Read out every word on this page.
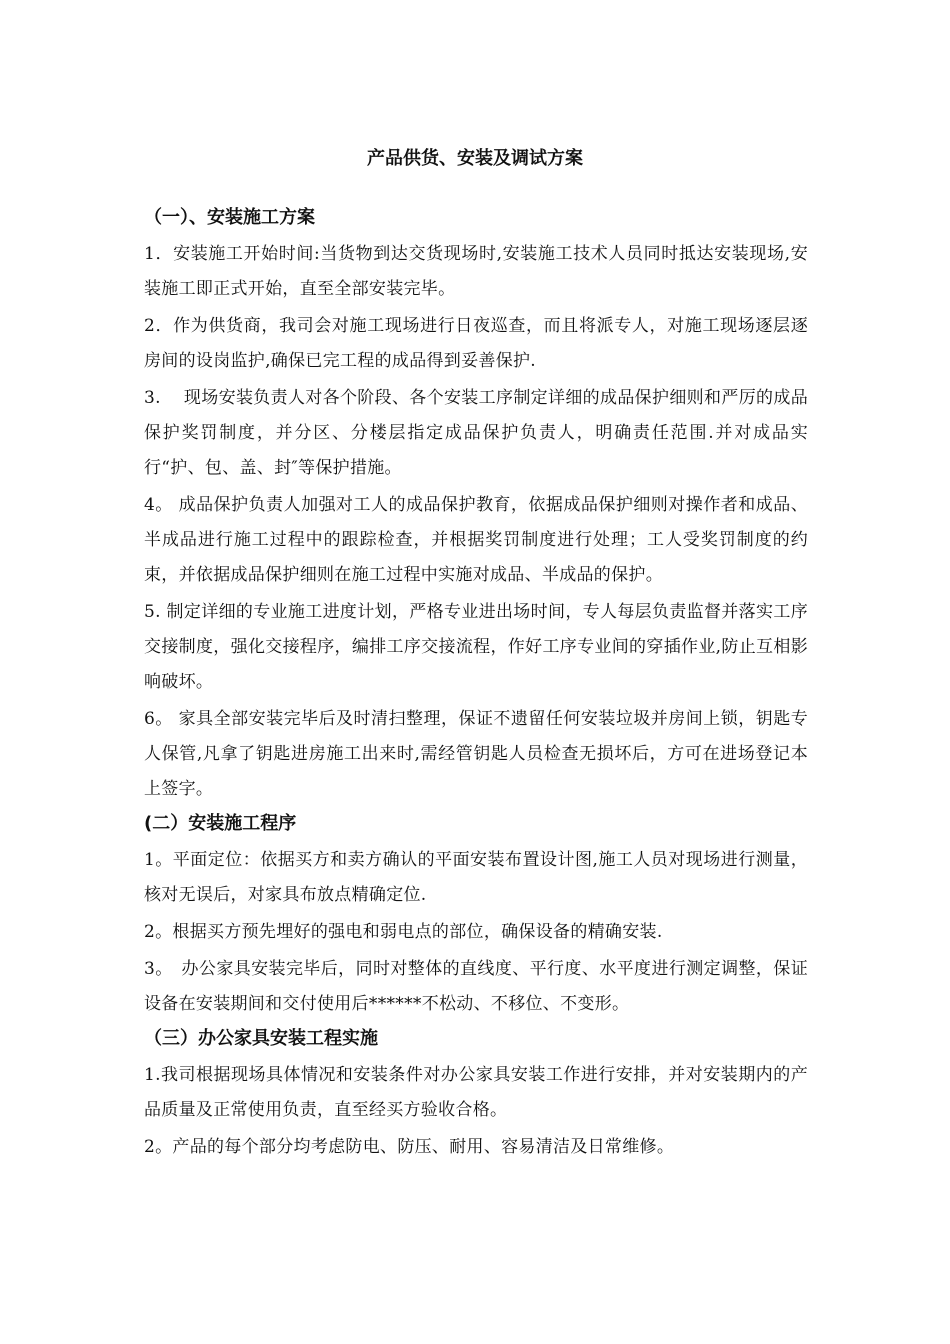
产品供货、安装及调试方案
（一）、安装施工方案

1．安装施工开始时间:当货物到达交货现场时,安装施工技术人员同时抵达安装现场,安装施工即正式开始，直至全部安装完毕。

2．作为供货商，我司会对施工现场进行日夜巡查，而且将派专人，对施工现场逐层逐房间的设岗监护,确保已完工程的成品得到妥善保护.

3.　 现场安装负责人对各个阶段、各个安装工序制定详细的成品保护细则和严厉的成品保护奖罚制度，并分区、分楼层指定成品保护负责人，明确责任范围.并对成品实行“护、包、盖、封″等保护措施。

4。 成品保护负责人加强对工人的成品保护教育，依据成品保护细则对操作者和成品、半成品进行施工过程中的跟踪检查，并根据奖罚制度进行处理；工人受奖罚制度的约束，并依据成品保护细则在施工过程中实施对成品、半成品的保护。

5. 制定详细的专业施工进度计划，严格专业进出场时间，专人每层负责监督并落实工序交接制度，强化交接程序，编排工序交接流程，作好工序专业间的穿插作业,防止互相影响破坏。

6。 家具全部安装完毕后及时清扫整理，保证不遗留任何安装垃圾并房间上锁，钥匙专人保管,凡拿了钥匙进房施工出来时,需经管钥匙人员检查无损坏后，方可在进场登记本上签字。

(二）安装施工程序

1。平面定位：依据买方和卖方确认的平面安装布置设计图,施工人员对现场进行测量，核对无误后，对家具布放点精确定位.

2。根据买方预先埋好的强电和弱电点的部位，确保设备的精确安装.

3。　办公家具安装完毕后，同时对整体的直线度、平行度、水平度进行测定调整，保证设备在安装期间和交付使用后******不松动、不移位、不变形。

（三）办公家具安装工程实施

1.我司根据现场具体情况和安装条件对办公家具安装工作进行安排，并对安装期内的产品质量及正常使用负责，直至经买方验收合格。

2。产品的每个部分均考虑防电、防压、耐用、容易清洁及日常维修。
